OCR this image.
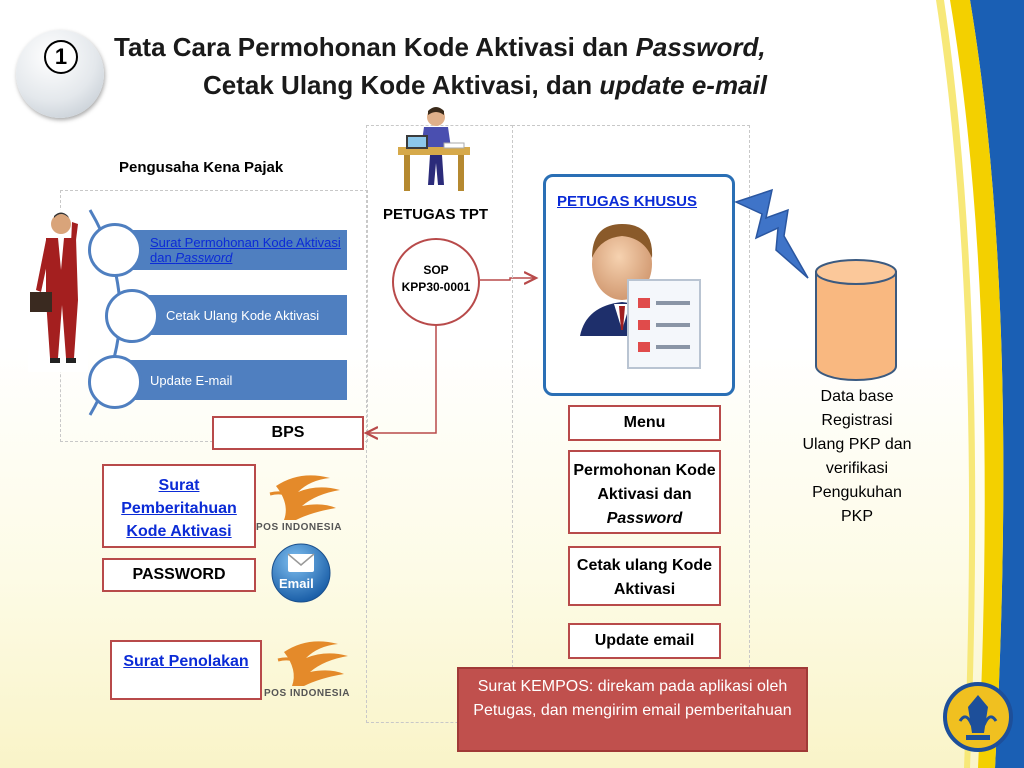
1	Tata Cara Permohonan Kode Aktivasi dan Password,
Cetak Ulang Kode Aktivasi, dan update e-mail
Pengusaha Kena Pajak
Surat Permohonan Kode Aktivasi dan Password
Cetak Ulang Kode Aktivasi
Update E-mail
BPS
Surat Pemberitahuan Kode Aktivasi	POS INDONESIA
PASSWORD
Email
Surat Penolakan
POS INDONESIA
PETUGAS TPT
SOP
KPP30-0001
PETUGAS KHUSUS
Menu
Permohonan Kode Aktivasi dan Password
Cetak ulang Kode Aktivasi
Update email
Surat KEMPOS: direkam pada aplikasi oleh Petugas, dan mengirim email pemberitahuan
Data base Registrasi Ulang PKP dan verifikasi Pengukuhan PKP
